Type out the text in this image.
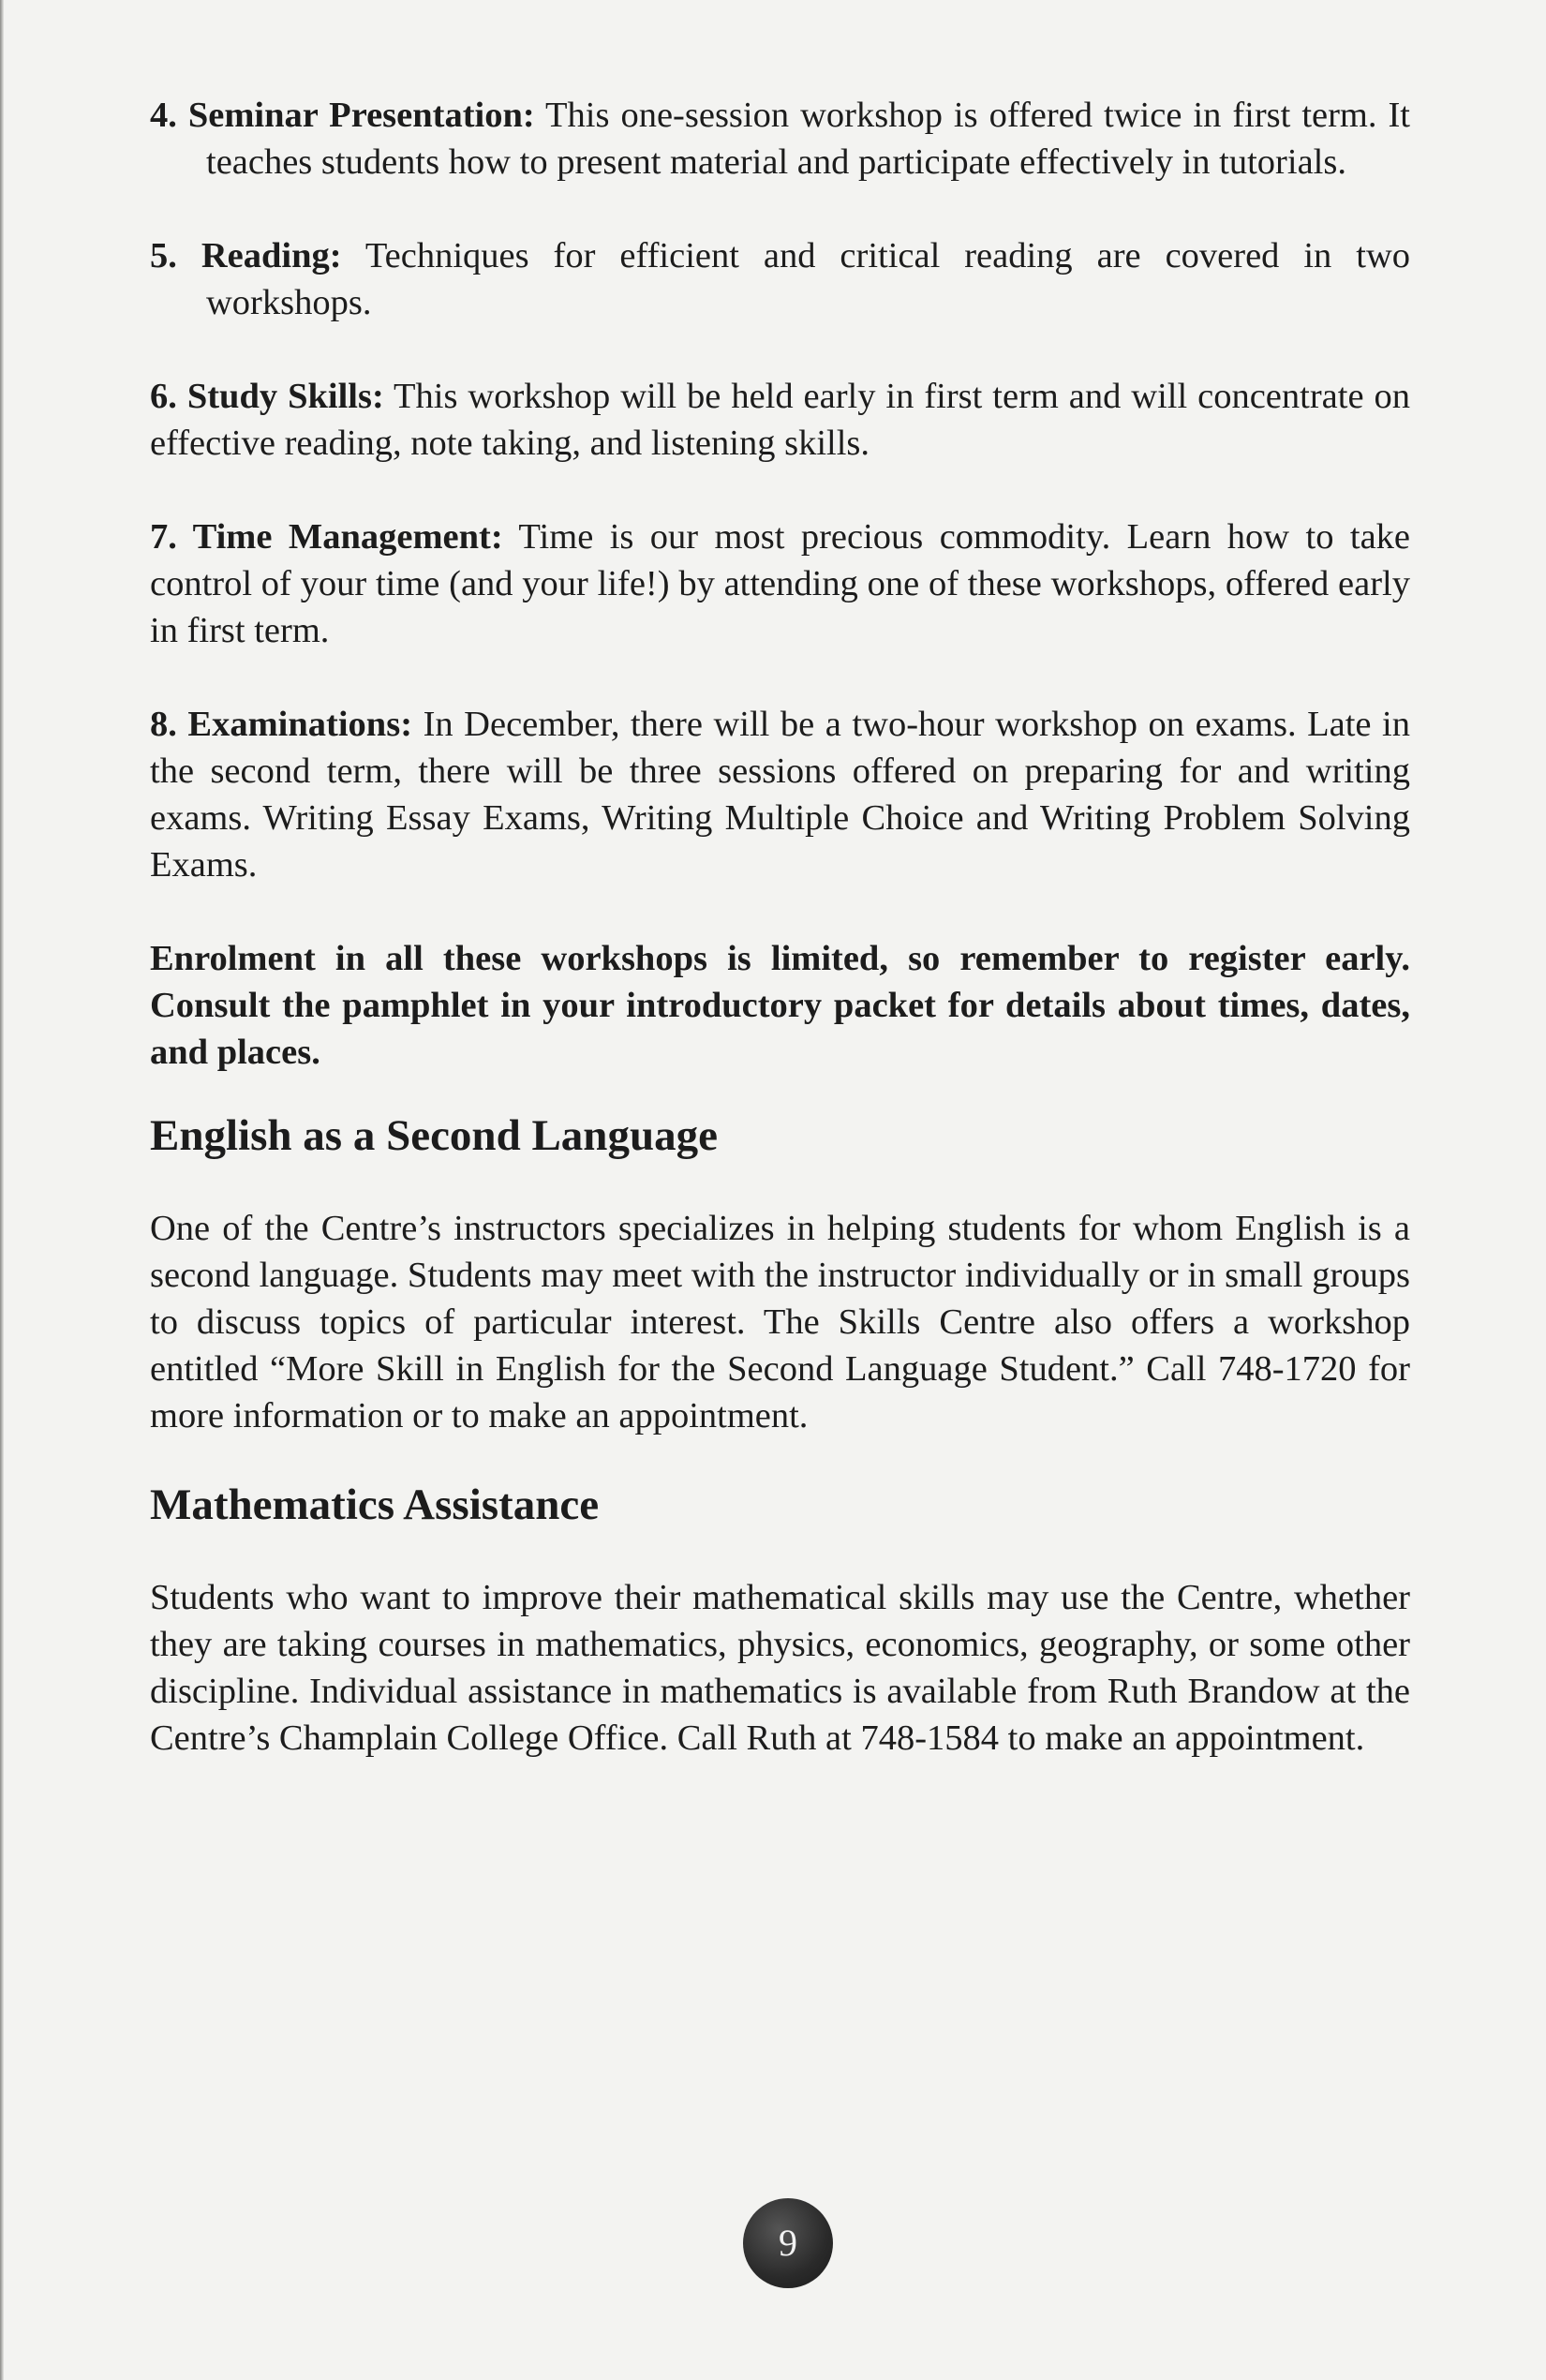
4. Seminar Presentation: This one-session workshop is offered twice in first term. It teaches students how to present material and participate effectively in tutorials.

5. Reading: Techniques for efficient and critical reading are covered in two workshops.

6. Study Skills: This workshop will be held early in first term and will concentrate on effective reading, note taking, and listening skills.

7. Time Management: Time is our most precious commodity. Learn how to take control of your time (and your life!) by attending one of these workshops, offered early in first term.

8. Examinations: In December, there will be a two-hour workshop on exams. Late in the second term, there will be three sessions offered on preparing for and writing exams. Writing Essay Exams, Writing Multiple Choice and Writing Problem Solving Exams.

Enrolment in all these workshops is limited, so remember to register early. Consult the pamphlet in your introductory packet for details about times, dates, and places.

English as a Second Language

One of the Centre’s instructors specializes in helping students for whom English is a second language. Students may meet with the instructor individually or in small groups to discuss topics of particular interest. The Skills Centre also offers a workshop entitled “More Skill in English for the Second Language Student.” Call 748-1720 for more information or to make an appointment.

Mathematics Assistance

Students who want to improve their mathematical skills may use the Centre, whether they are taking courses in mathematics, physics, economics, geography, or some other discipline. Individual assistance in mathematics is available from Ruth Brandow at the Centre’s Champlain College Office. Call Ruth at 748-1584 to make an appointment.

9
